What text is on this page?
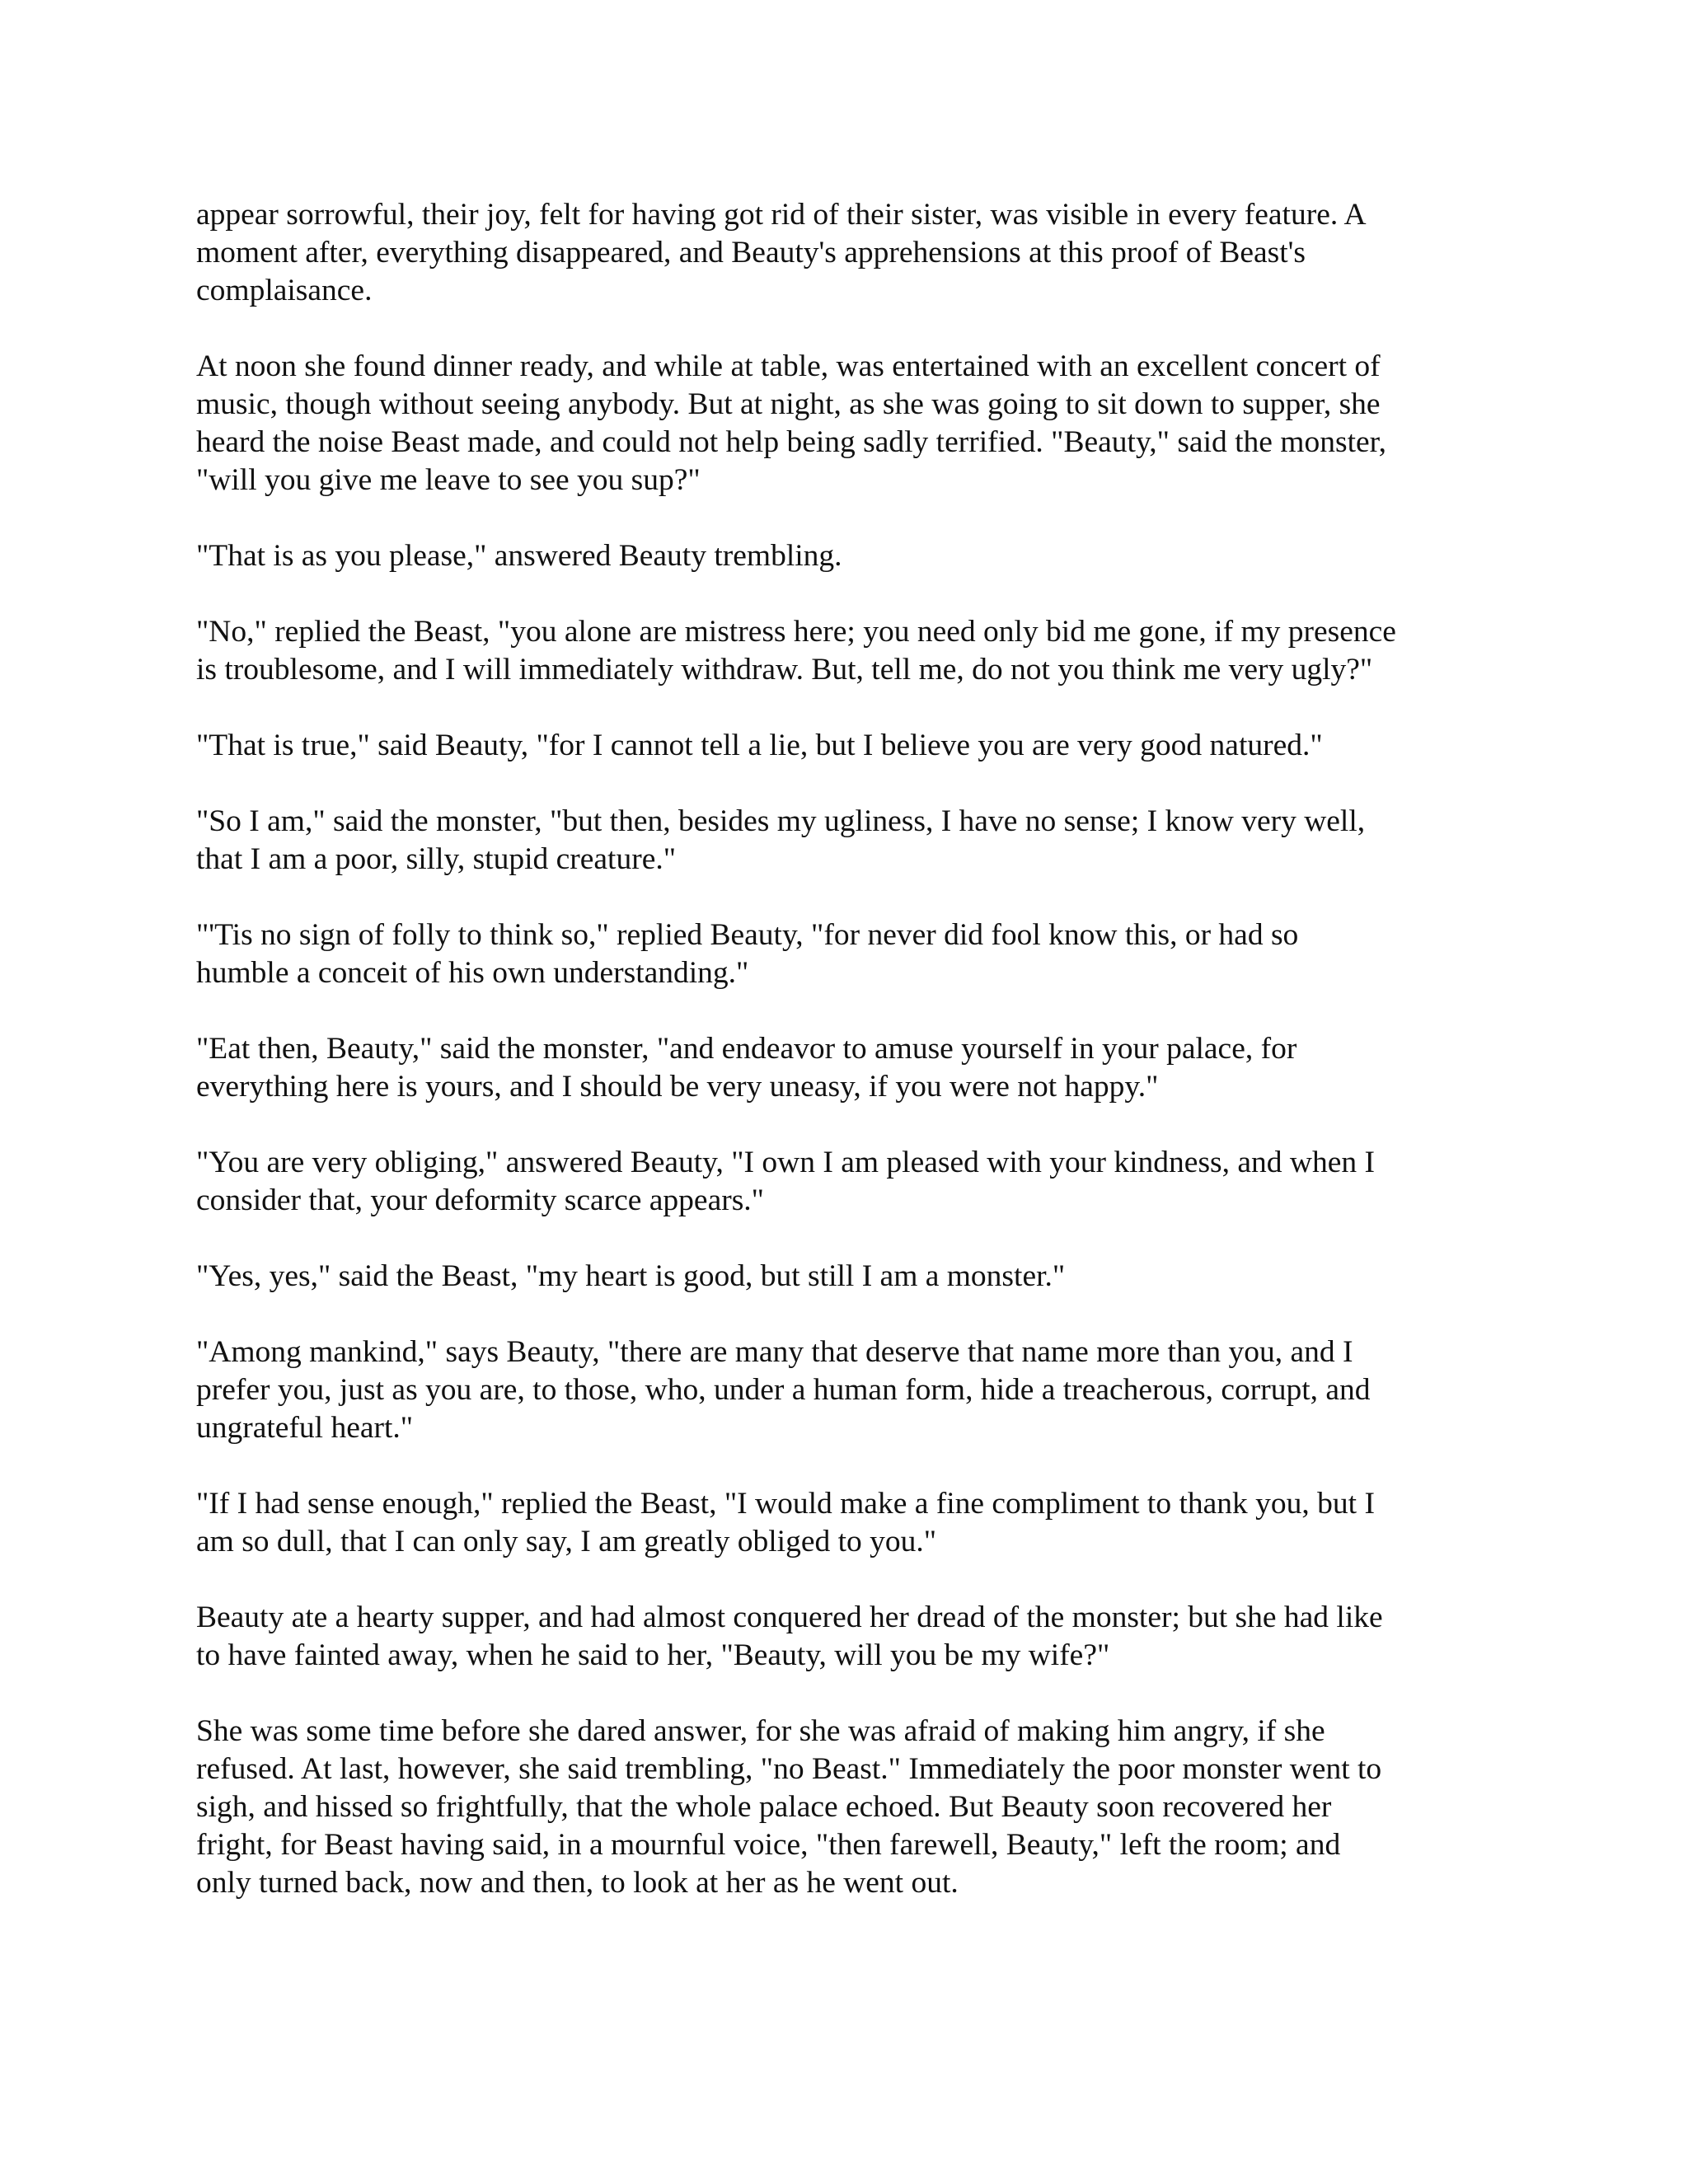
appear sorrowful, their joy, felt for having got rid of their sister, was visible in every feature. A
moment after, everything disappeared, and Beauty's apprehensions at this proof of Beast's
complaisance.

At noon she found dinner ready, and while at table, was entertained with an excellent concert of
music, though without seeing anybody. But at night, as she was going to sit down to supper, she
heard the noise Beast made, and could not help being sadly terrified. "Beauty," said the monster,
"will you give me leave to see you sup?"

"That is as you please," answered Beauty trembling.

"No," replied the Beast, "you alone are mistress here; you need only bid me gone, if my presence
is troublesome, and I will immediately withdraw. But, tell me, do not you think me very ugly?"

"That is true," said Beauty, "for I cannot tell a lie, but I believe you are very good natured."

"So I am," said the monster, "but then, besides my ugliness, I have no sense; I know very well,
that I am a poor, silly, stupid creature."

"'Tis no sign of folly to think so," replied Beauty, "for never did fool know this, or had so
humble a conceit of his own understanding."

"Eat then, Beauty," said the monster, "and endeavor to amuse yourself in your palace, for
everything here is yours, and I should be very uneasy, if you were not happy."

"You are very obliging," answered Beauty, "I own I am pleased with your kindness, and when I
consider that, your deformity scarce appears."

"Yes, yes," said the Beast, "my heart is good, but still I am a monster."

"Among mankind," says Beauty, "there are many that deserve that name more than you, and I
prefer you, just as you are, to those, who, under a human form, hide a treacherous, corrupt, and
ungrateful heart."

"If I had sense enough," replied the Beast, "I would make a fine compliment to thank you, but I
am so dull, that I can only say, I am greatly obliged to you."

Beauty ate a hearty supper, and had almost conquered her dread of the monster; but she had like
to have fainted away, when he said to her, "Beauty, will you be my wife?"

She was some time before she dared answer, for she was afraid of making him angry, if she
refused. At last, however, she said trembling, "no Beast." Immediately the poor monster went to
sigh, and hissed so frightfully, that the whole palace echoed. But Beauty soon recovered her
fright, for Beast having said, in a mournful voice, "then farewell, Beauty," left the room; and
only turned back, now and then, to look at her as he went out.
